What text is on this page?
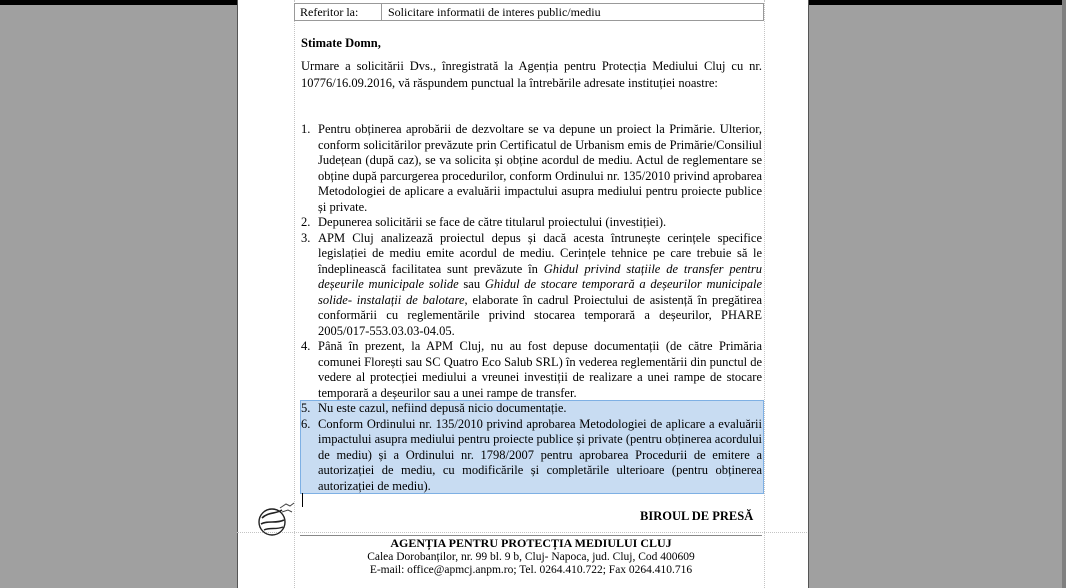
Referitor la:	Solicitare informatii de interes public/mediu
Stimate Domn,
Urmare a solicitării Dvs., înregistrată la Agenția pentru Protecția Mediului Cluj cu nr. 10776/16.09.2016, vă răspundem punctual la întrebările adresate instituției noastre:
1. Pentru obținerea aprobării de dezvoltare se va depune un proiect la Primărie. Ulterior, conform solicitărilor prevăzute prin Certificatul de Urbanism emis de Primărie/Consiliul Județean (după caz), se va solicita și obține acordul de mediu. Actul de reglementare se obține după parcurgerea procedurilor, conform Ordinului nr. 135/2010 privind aprobarea Metodologiei de aplicare a evaluării impactului asupra mediului pentru proiecte publice și private.
2. Depunerea solicitării se face de către titularul proiectului (investiției).
3. APM Cluj analizează proiectul depus și dacă acesta întrunește cerințele specifice legislației de mediu emite acordul de mediu. Cerințele tehnice pe care trebuie să le îndeplinească facilitatea sunt prevăzute în Ghidul privind stațiile de transfer pentru deșeurile municipale solide sau Ghidul de stocare temporară a deșeurilor municipale solide- instalații de balotare, elaborate în cadrul Proiectului de asistență în pregătirea conformării cu reglementările privind stocarea temporară a deșeurilor, PHARE 2005/017-553.03.03-04.05.
4. Până în prezent, la APM Cluj, nu au fost depuse documentații (de către Primăria comunei Florești sau SC Quatro Eco Salub SRL) în vederea reglementării din punctul de vedere al protecției mediului a vreunei investiții de realizare a unei rampe de stocare temporară a deșeurilor sau a unei rampe de transfer.
5. Nu este cazul, nefiind depusă nicio documentație.
6. Conform Ordinului nr. 135/2010 privind aprobarea Metodologiei de aplicare a evaluării impactului asupra mediului pentru proiecte publice și private (pentru obținerea acordului de mediu) și a Ordinului nr. 1798/2007 pentru aprobarea Procedurii de emitere a autorizației de mediu, cu modificările și completările ulterioare (pentru obținerea autorizației de mediu).
BIROUL DE PRESĂ
AGENȚIA PENTRU PROTECȚIA MEDIULUI CLUJ
Calea Dorobanților, nr. 99 bl. 9 b, Cluj- Napoca, jud. Cluj, Cod 400609
E-mail: office@apmcj.anpm.ro; Tel. 0264.410.722; Fax 0264.410.716
